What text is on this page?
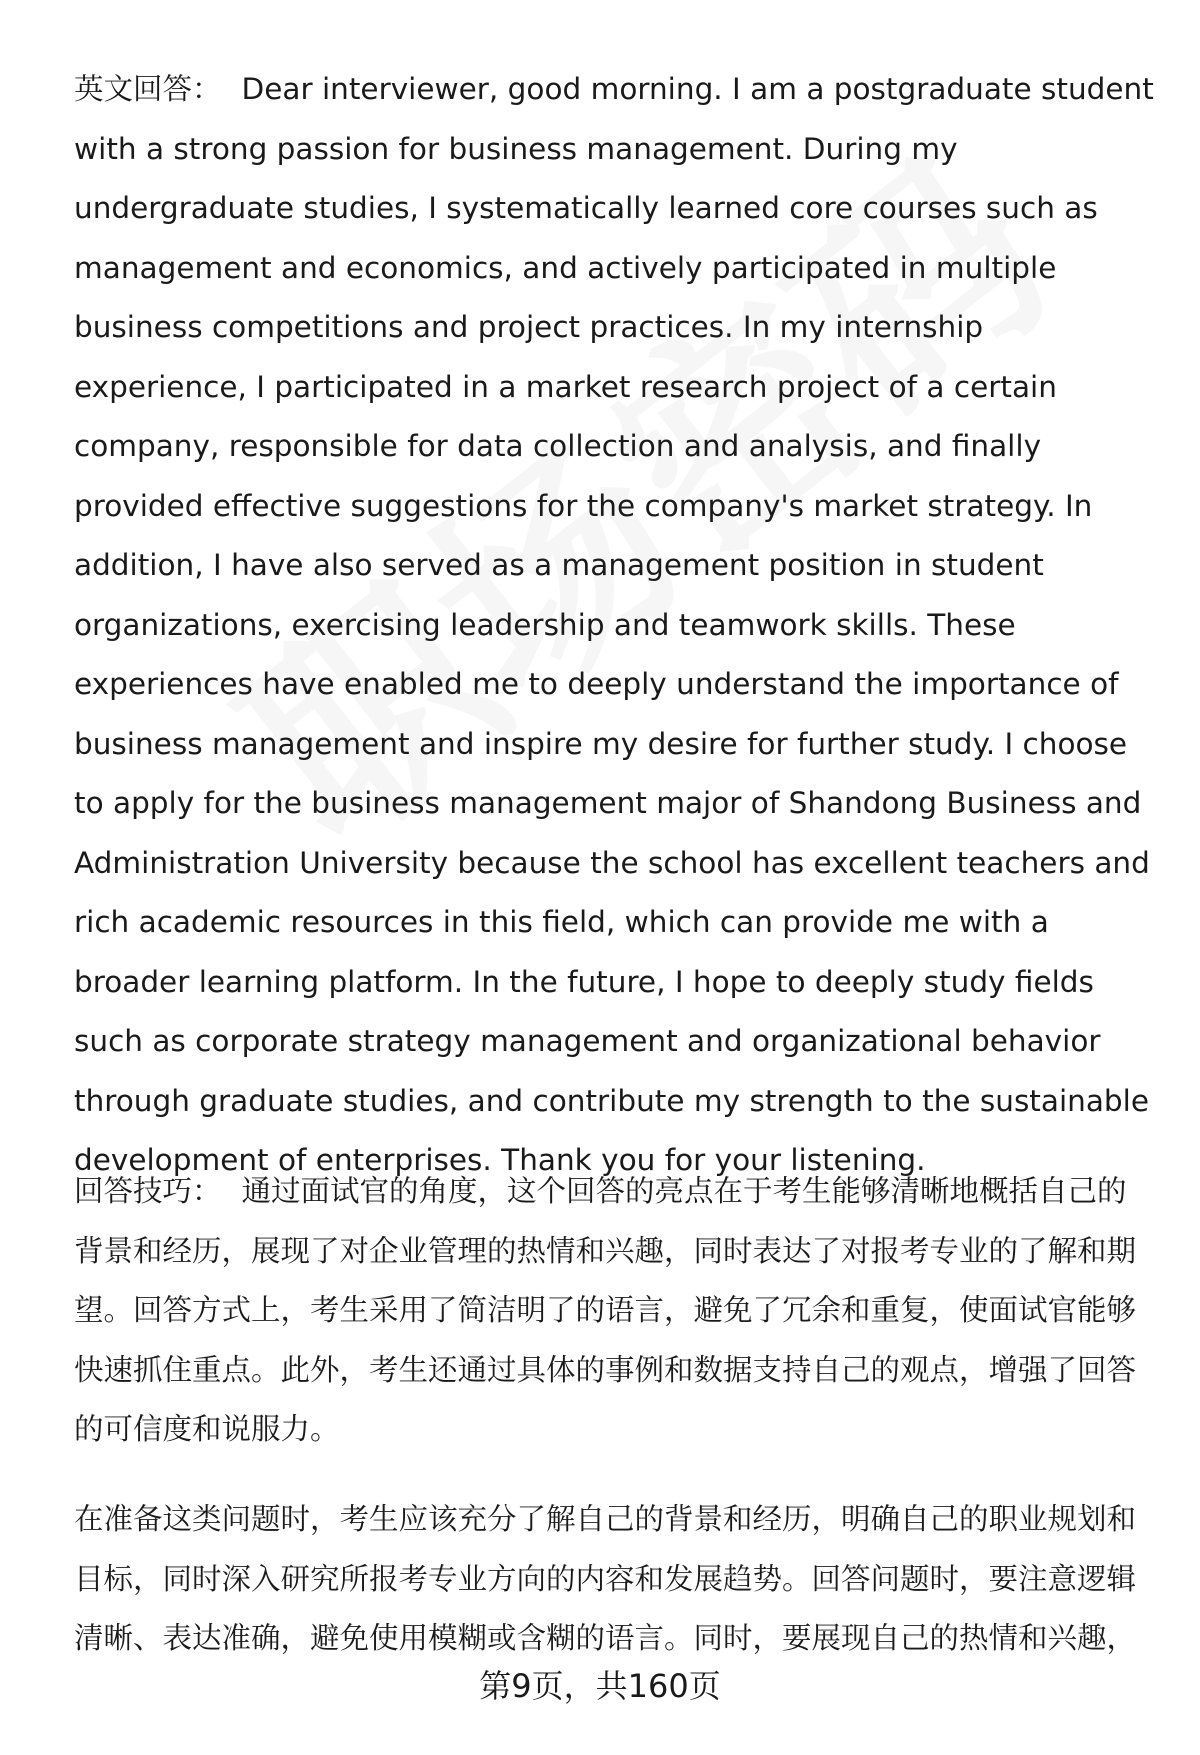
英文回答： Dear interviewer, good morning. I am a postgraduate student with a strong passion for business management. During my undergraduate studies, I systematically learned core courses such as management and economics, and actively participated in multiple business competitions and project practices. In my internship experience, I participated in a market research project of a certain company, responsible for data collection and analysis, and finally provided effective suggestions for the company's market strategy. In addition, I have also served as a management position in student organizations, exercising leadership and teamwork skills. These experiences have enabled me to deeply understand the importance of business management and inspire my desire for further study. I choose to apply for the business management major of Shandong Business and Administration University because the school has excellent teachers and rich academic resources in this field, which can provide me with a broader learning platform. In the future, I hope to deeply study fields such as corporate strategy management and organizational behavior through graduate studies, and contribute my strength to the sustainable development of enterprises. Thank you for your listening.

回答技巧： 通过面试官的角度，这个回答的亮点在于考生能够清晰地概括自己的背景和经历，展现了对企业管理的热情和兴趣，同时表达了对报考专业的了解和期望。回答方式上，考生采用了简洁明了的语言，避免了冗余和重复，使面试官能够快速抓住重点。此外，考生还通过具体的事例和数据支持自己的观点，增强了回答的可信度和说服力。

在准备这类问题时，考生应该充分了解自己的背景和经历，明确自己的职业规划和目标，同时深入研究所报考专业方向的内容和发展趋势。回答问题时，要注意逻辑清晰、表达准确，避免使用模糊或含糊的语言。同时，要展现自己的热情和兴趣，

第9页，共160页
